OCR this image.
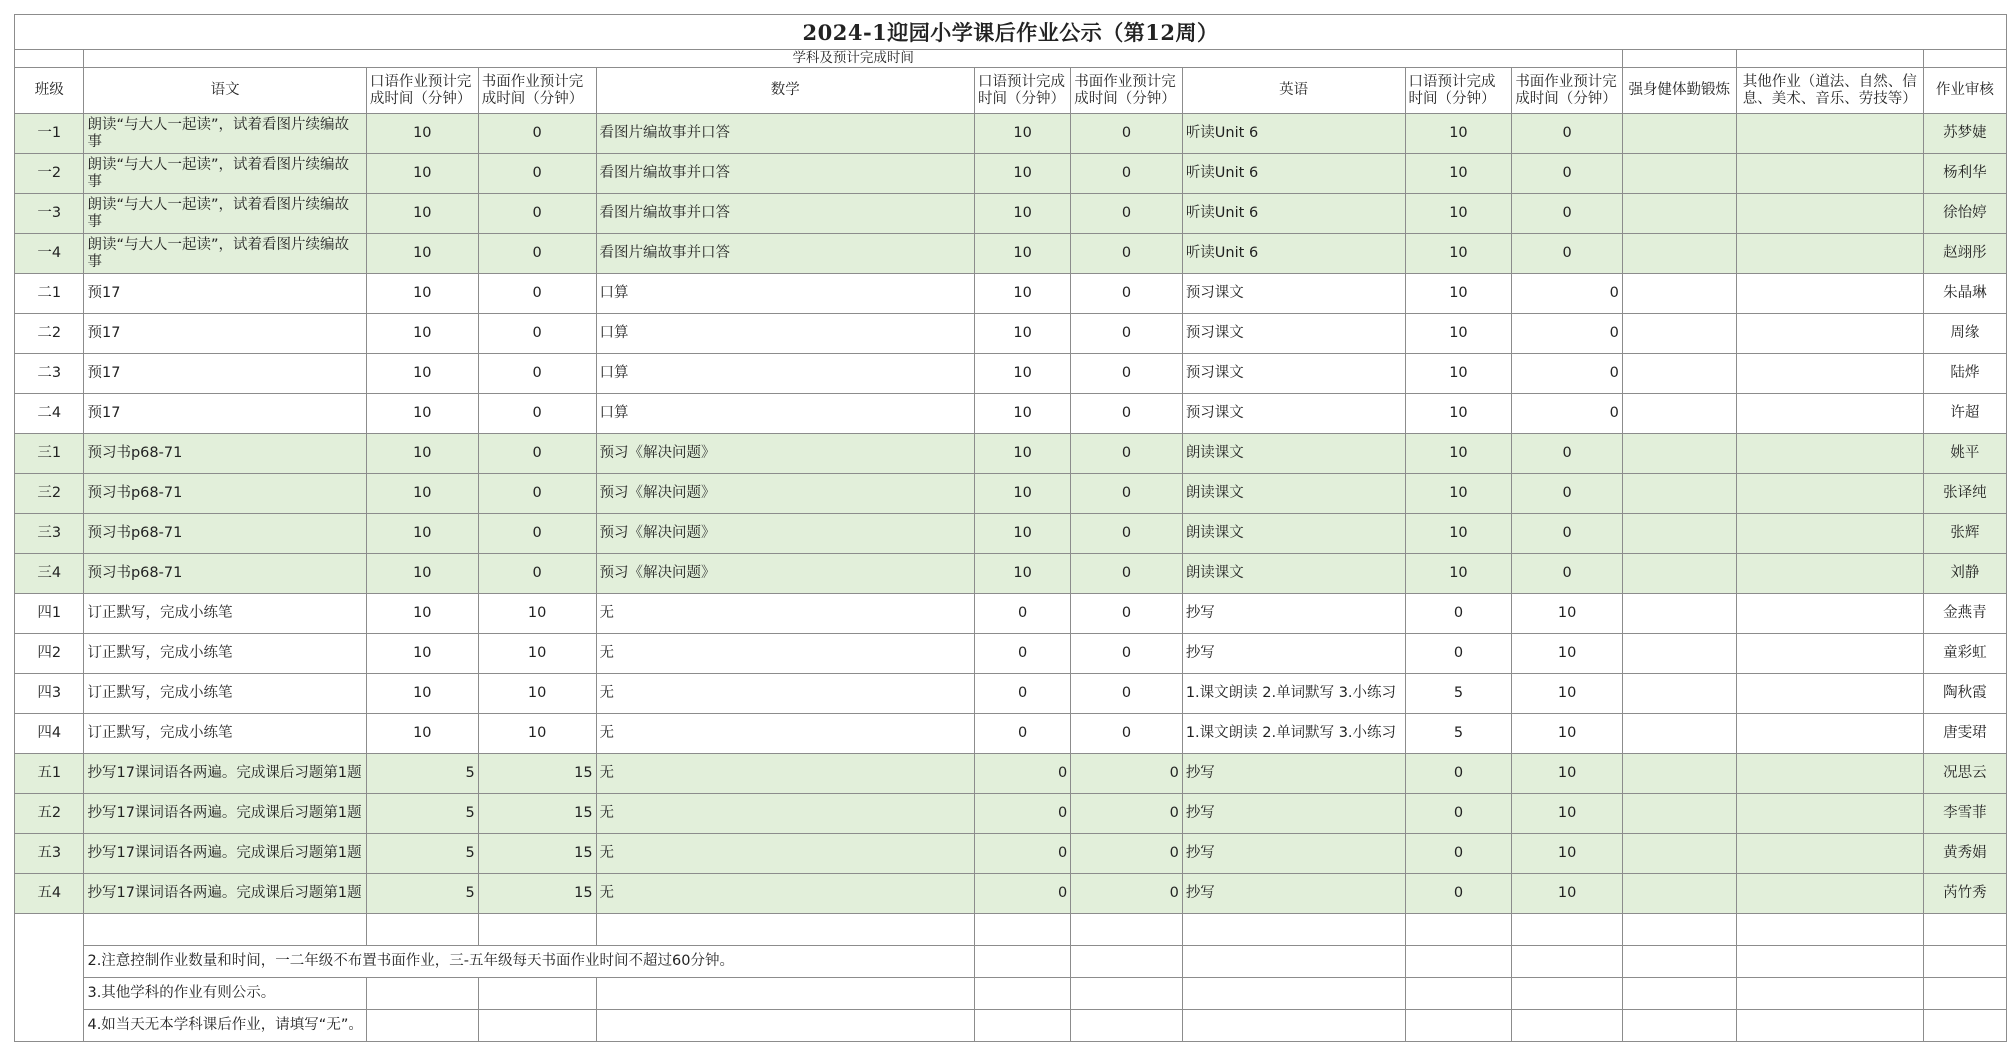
2024-1迎园小学课后作业公示（第12周）												
	学科及预计完成时间											
班级	语文	口语作业预计完成时间（分钟）	书面作业预计完成时间（分钟）	数学	口语预计完成时间（分钟）	书面作业预计完成时间（分钟）	英语	口语预计完成时间（分钟）	书面作业预计完成时间（分钟）	强身健体勤锻炼	其他作业（道法、自然、信息、美术、音乐、劳技等）	作业审核
一1	朗读“与大人一起读”，试着看图片续编故事	10	0	看图片编故事并口答	10	0	听读Unit 6	10	0			苏梦婕
一2	朗读“与大人一起读”，试着看图片续编故事	10	0	看图片编故事并口答	10	0	听读Unit 6	10	0			杨利华
一3	朗读“与大人一起读”，试着看图片续编故事	10	0	看图片编故事并口答	10	0	听读Unit 6	10	0			徐怡婷
一4	朗读“与大人一起读”，试着看图片续编故事	10	0	看图片编故事并口答	10	0	听读Unit 6	10	0			赵翊彤
二1	预17	10	0	口算	10	0	预习课文	10	0			朱晶琳
二2	预17	10	0	口算	10	0	预习课文	10	0			周缘
二3	预17	10	0	口算	10	0	预习课文	10	0			陆烨
二4	预17	10	0	口算	10	0	预习课文	10	0			许超
三1	预习书p68-71	10	0	预习《解决问题》	10	0	朗读课文	10	0			姚平
三2	预习书p68-71	10	0	预习《解决问题》	10	0	朗读课文	10	0			张译纯
三3	预习书p68-71	10	0	预习《解决问题》	10	0	朗读课文	10	0			张辉
三4	预习书p68-71	10	0	预习《解决问题》	10	0	朗读课文	10	0			刘静
四1	订正默写，完成小练笔	10	10	无	0	0	抄写	0	10			金燕青
四2	订正默写，完成小练笔	10	10	无	0	0	抄写	0	10			童彩虹
四3	订正默写，完成小练笔	10	10	无	0	0	1.课文朗读 2.单词默写 3.小练习	5	10			陶秋霞
四4	订正默写，完成小练笔	10	10	无	0	0	1.课文朗读 2.单词默写 3.小练习	5	10			唐雯珺
五1	抄写17课词语各两遍。完成课后习题第1题	5	15	无	0	0	抄写	0	10			况思云
五2	抄写17课词语各两遍。完成课后习题第1题	5	15	无	0	0	抄写	0	10			李雪菲
五3	抄写17课词语各两遍。完成课后习题第1题	5	15	无	0	0	抄写	0	10			黄秀娟
五4	抄写17课词语各两遍。完成课后习题第1题	5	15	无	0	0	抄写	0	10			芮竹秀

	2.注意控制作业数量和时间，一二年级不布置书面作业，三-五年级每天书面作业时间不超过60分钟。											
	3.其他学科的作业有则公示。											
	4.如当天无本学科课后作业，请填写“无”。											
